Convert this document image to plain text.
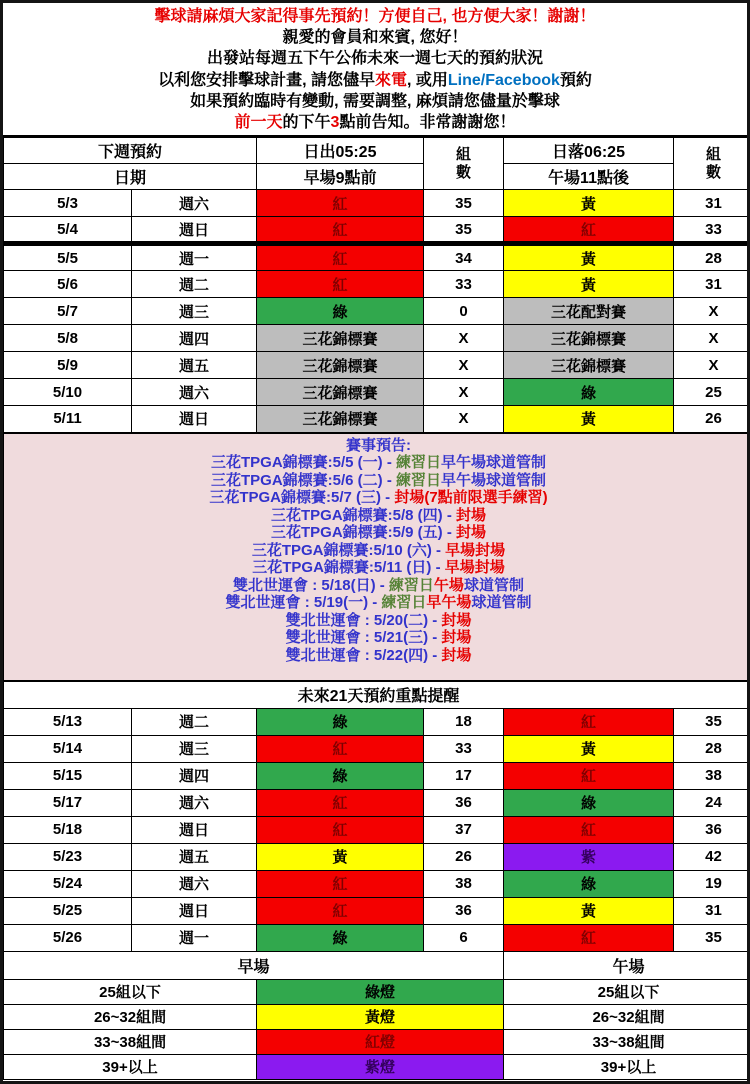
擊球請麻煩大家記得事先預約！方便自己, 也方便大家！謝謝！
親愛的會員和來賓, 您好！
出發站每週五下午公佈未來一週七天的預約狀況
以利您安排擊球計畫, 請您儘早來電, 或用Line/Facebook預約
如果預約臨時有變動, 需要調整, 麻煩請您儘量於擊球
前一天的下午3點前告知。非常謝謝您！
下週預約		日出05:25	組數	日落06:25	組數

日期		早場9點前		午場11點後	
5/3	週六	紅	35	黃	31
5/4	週日	紅	35	紅	33
5/5	週一	紅	34	黃	28
5/6	週二	紅	33	黃	31
5/7	週三	綠	0	三花配對賽	X
5/8	週四	三花錦標賽	X	三花錦標賽	X
5/9	週五	三花錦標賽	X	三花錦標賽	X
5/10	週六	三花錦標賽	X	綠	25
5/11	週日	三花錦標賽	X	黃	26

賽事預告:
三花TPGA錦標賽:5/5 (一) - 練習日早午場球道管制
三花TPGA錦標賽:5/6 (二) - 練習日早午場球道管制
三花TPGA錦標賽:5/7 (三) - 封場(7點前限選手練習)
三花TPGA錦標賽:5/8 (四) - 封場
三花TPGA錦標賽:5/9 (五) - 封場
三花TPGA錦標賽:5/10 (六) - 早場封場
三花TPGA錦標賽:5/11 (日) - 早場封場
雙北世運會 : 5/18(日) - 練習日午場球道管制
雙北世運會 : 5/19(一) - 練習日早午場球道管制
雙北世運會 : 5/20(二) - 封場
雙北世運會 : 5/21(三) - 封場
雙北世運會 : 5/22(四) - 封場

未來21天預約重點提醒					
5/13	週二	綠	18	紅	35
5/14	週三	紅	33	黃	28
5/15	週四	綠	17	紅	38
5/17	週六	紅	36	綠	24
5/18	週日	紅	37	紅	36
5/23	週五	黃	26	紫	42
5/24	週六	紅	38	綠	19
5/25	週日	紅	36	黃	31
5/26	週一	綠	6	紅	35
早場				午場	
25組以下		綠燈		25組以下	
26~32組間		黃燈		26~32組間	
33~38組間		紅燈		33~38組間	
39+以上		紫燈		39+以上	
